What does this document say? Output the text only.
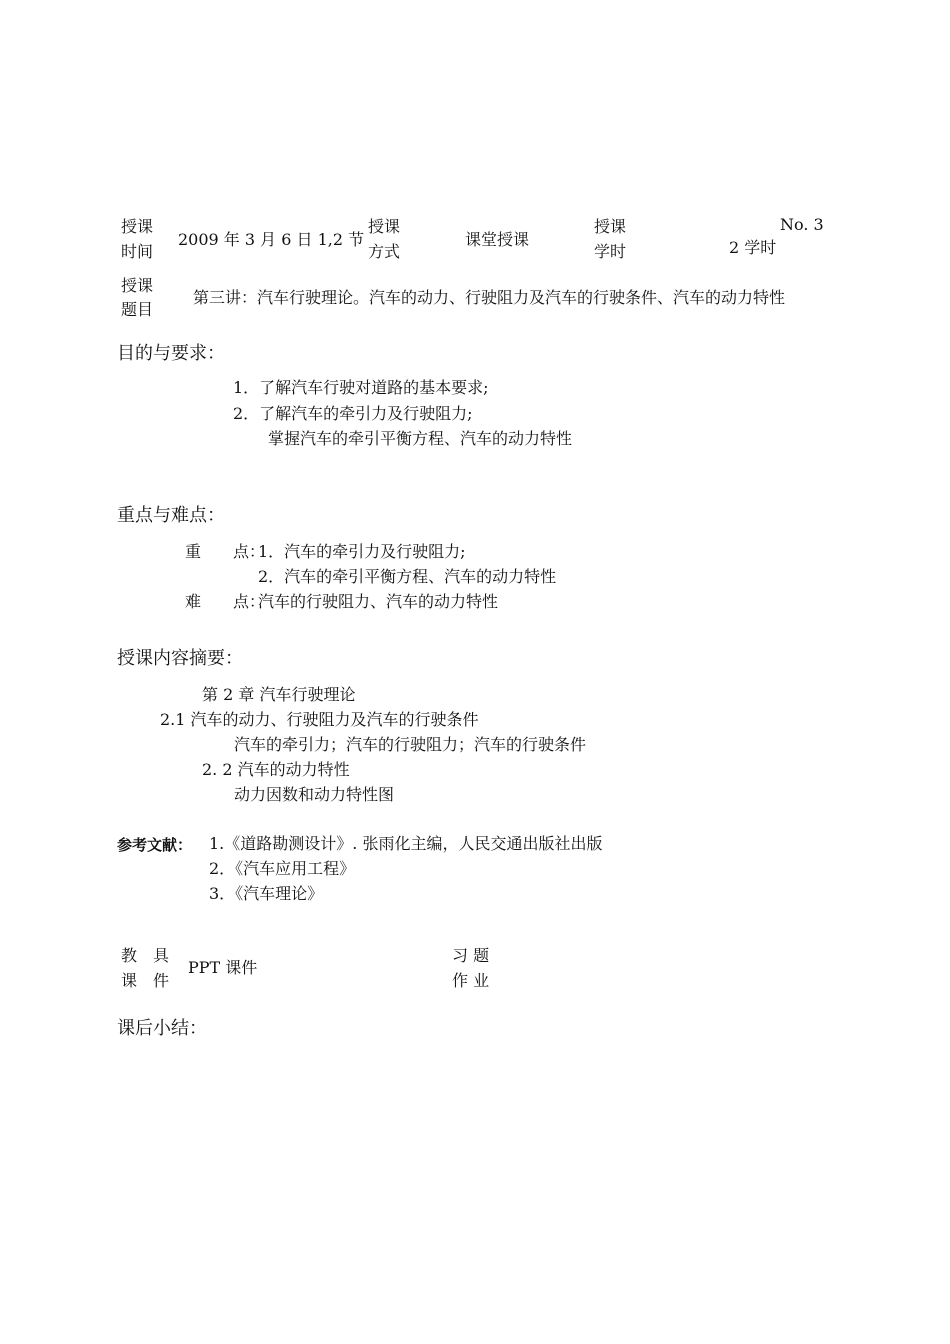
No. 3
授课
时间
2009 年 3 月 6 日 1,2 节
授课
方式
课堂授课
授课
学时	2 学时
授课
题目
第三讲：汽车行驶理论。汽车的动力、行驶阻力及汽车的行驶条件、汽车的动力特性
目的与要求：
1．了解汽车行驶对道路的基本要求;
2．了解汽车的牵引力及行驶阻力;
掌握汽车的牵引平衡方程、汽车的动力特性
重点与难点：
重　　点：
1．汽车的牵引力及行驶阻力;
2．汽车的牵引平衡方程、汽车的动力特性
难　　点：
汽车的行驶阻力、汽车的动力特性
授课内容摘要：
第 2 章 汽车行驶理论
2.1 汽车的动力、行驶阻力及汽车的行驶条件
汽车的牵引力；汽车的行驶阻力；汽车的行驶条件
2. 2 汽车的动力特性
动力因数和动力特性图
参考文献： 1.《道路勘测设计》. 张雨化主编，人民交通出版社出版
2．《汽车应用工程》
3．《汽车理论》
教　具
课　件
PPT 课件
习 题
作 业
课后小结：
